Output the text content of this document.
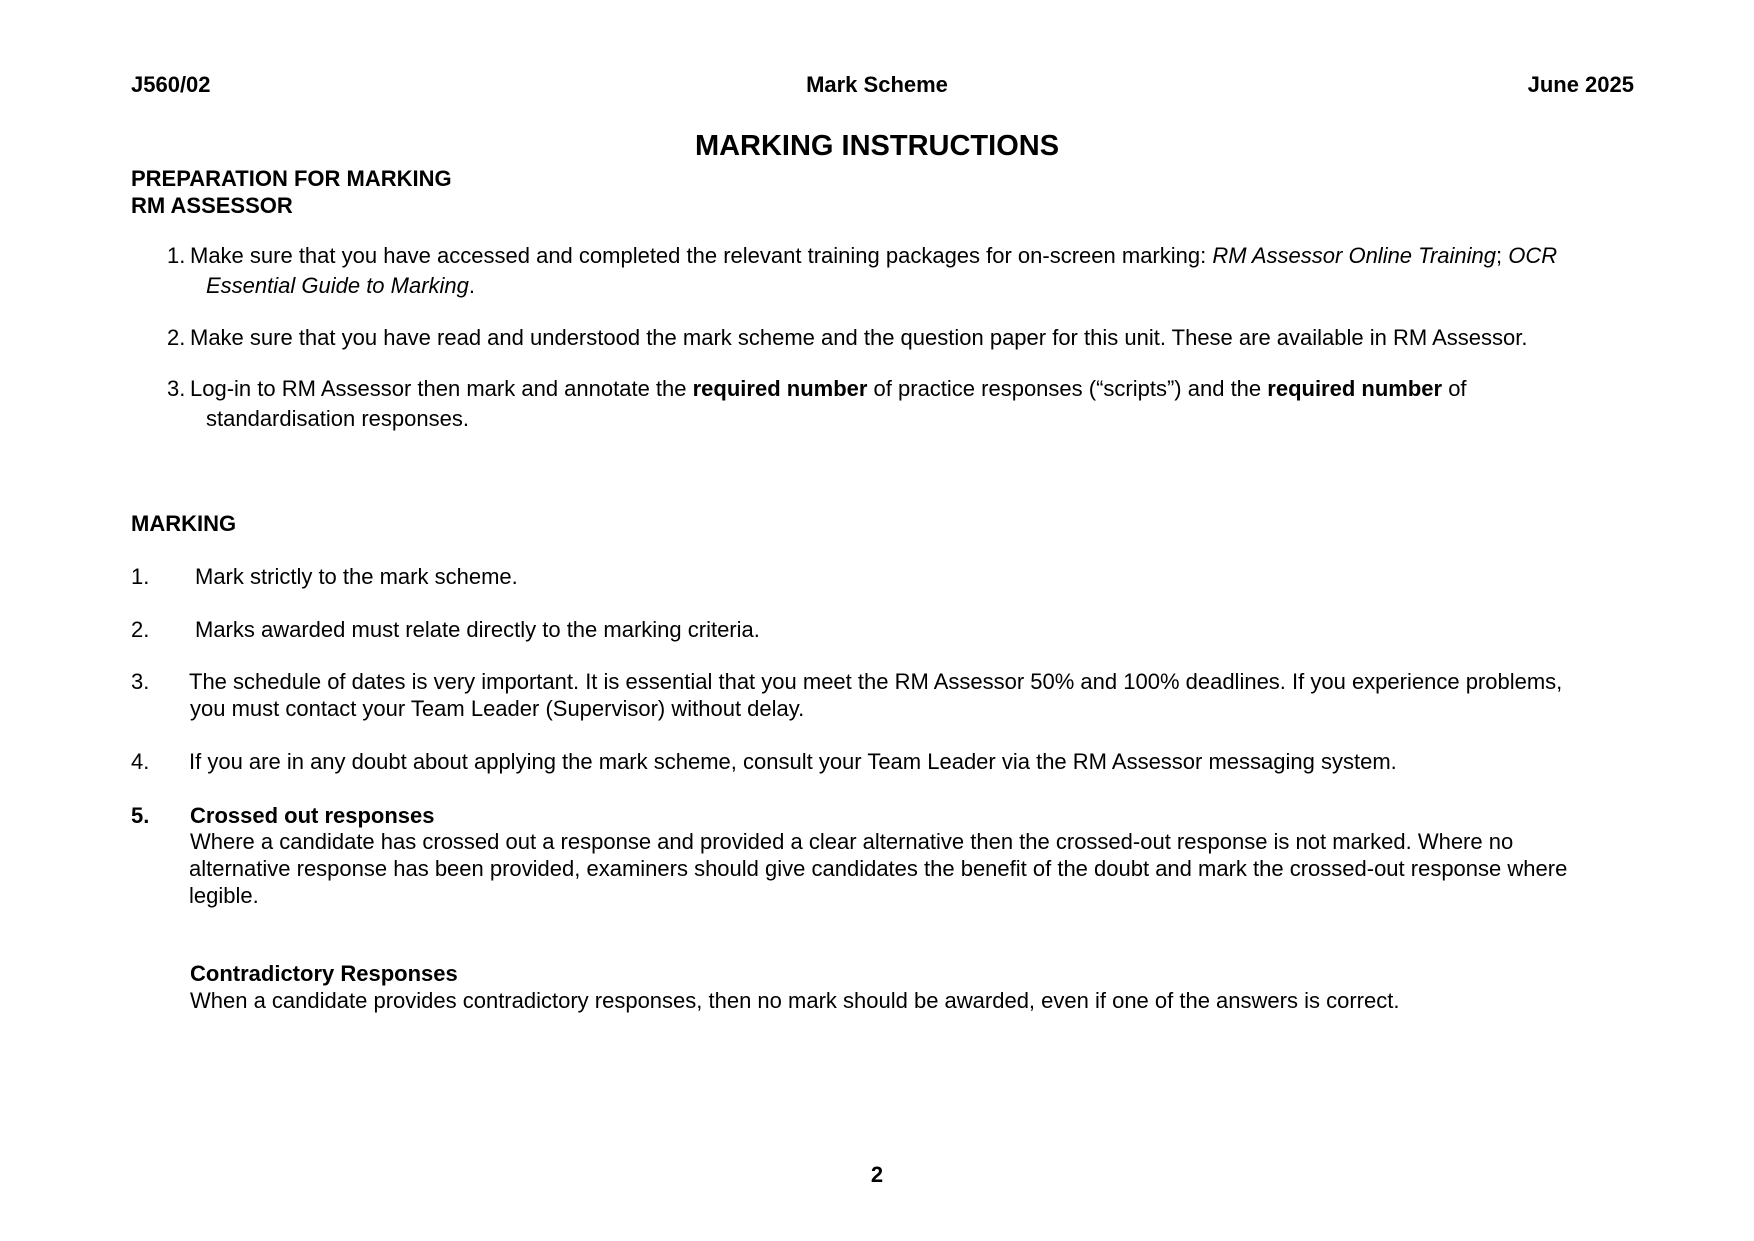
J560/02	Mark Scheme	June 2025
MARKING INSTRUCTIONS
PREPARATION FOR MARKING
RM ASSESSOR
1. Make sure that you have accessed and completed the relevant training packages for on-screen marking: RM Assessor Online Training; OCR
Essential Guide to Marking.
2. Make sure that you have read and understood the mark scheme and the question paper for this unit. These are available in RM Assessor.
3. Log-in to RM Assessor then mark and annotate the required number of practice responses (“scripts”) and the required number of
standardisation responses.
MARKING
1. Mark strictly to the mark scheme.
2. Marks awarded must relate directly to the marking criteria.
3. The schedule of dates is very important. It is essential that you meet the RM Assessor 50% and 100% deadlines. If you experience problems,
you must contact your Team Leader (Supervisor) without delay.
4. If you are in any doubt about applying the mark scheme, consult your Team Leader via the RM Assessor messaging system.
5. Crossed out responses
Where a candidate has crossed out a response and provided a clear alternative then the crossed-out response is not marked. Where no
alternative response has been provided, examiners should give candidates the benefit of the doubt and mark the crossed-out response where
legible.
Contradictory Responses
When a candidate provides contradictory responses, then no mark should be awarded, even if one of the answers is correct.
2
